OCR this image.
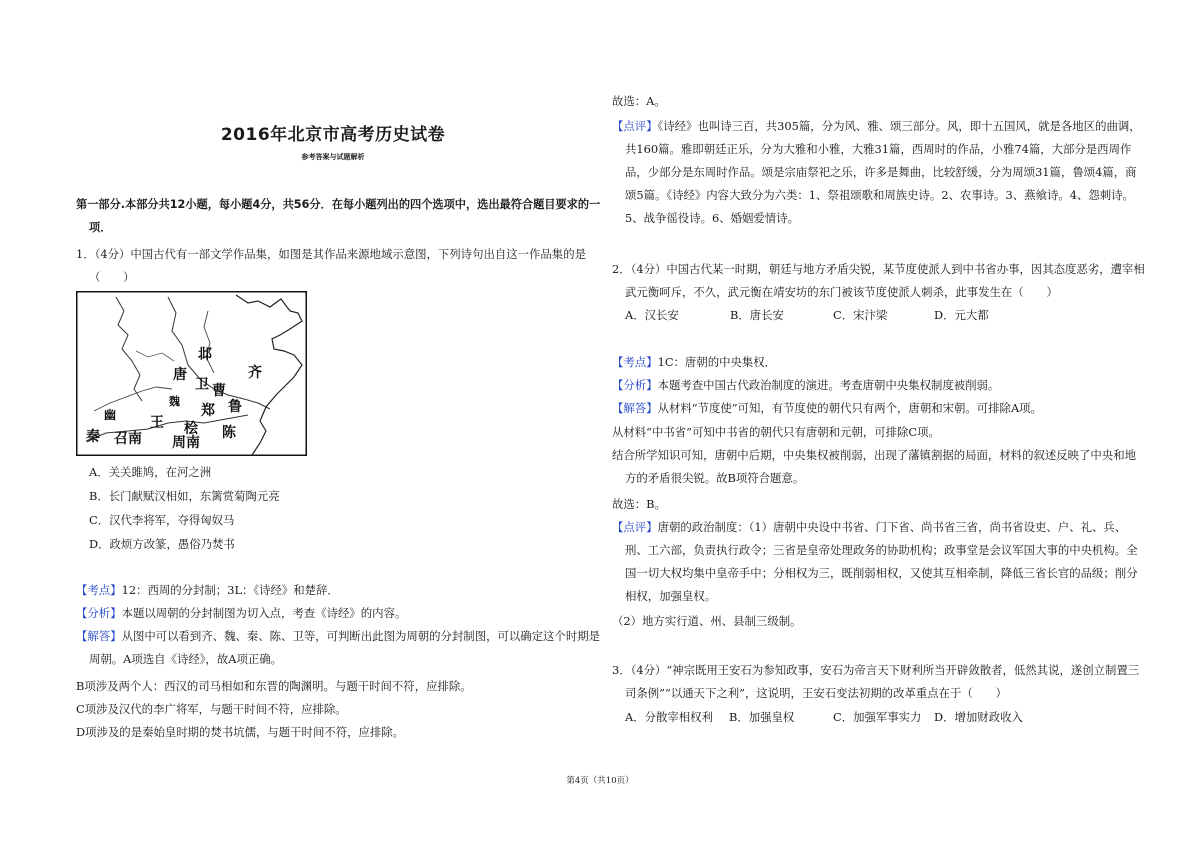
2016年北京市高考历史试卷
参考答案与试题解析

第一部分.本部分共12小题，每小题4分，共56分．在每小题列出的四个选项中，选出最符合题目要求的一项．

1．（4分）中国古代有一部文学作品集，如图是其作品来源地域示意图，下列诗句出自这一作品集的是（　　）

邶
齐
唐
卫 曹
魏
郑 鲁
王
幽
秦 召南 周南
桧 陈
A．关关雎鸠，在河之洲
B．长门献赋汉相如，东篱赏菊陶元亮
C．汉代李将军，夺得匈奴马
D．政烦方改篆，愚俗乃焚书

【考点】12：西周的分封制；3L：《诗经》和楚辞．

【分析】本题以周朝的分封制图为切入点，考查《诗经》的内容。

【解答】从图中可以看到齐、魏、秦、陈、卫等，可判断出此图为周朝的分封制图，可以确定这个时期是周朝。A项选自《诗经》，故A项正确。

B项涉及两个人：西汉的司马相如和东晋的陶渊明。与题干时间不符，应排除。

C项涉及汉代的李广将军，与题干时间不符，应排除。

D项涉及的是秦始皇时期的焚书坑儒，与题干时间不符，应排除。

故选：A。

【点评】《诗经》也叫诗三百，共305篇，分为风、雅、颂三部分。风，即十五国风，就是各地区的曲调，共160篇。雅即朝廷正乐，分为大雅和小雅，大雅31篇，西周时的作品，小雅74篇，大部分是西周作品，少部分是东周时作品。颂是宗庙祭祀之乐，许多是舞曲，比较舒缓，分为周颂31篇，鲁颂4篇，商颂5篇。《诗经》内容大致分为六类：1、祭祖颂歌和周族史诗。2、农事诗。3、燕飨诗。4、怨刺诗。5、战争徭役诗。6、婚姻爱情诗。

2．（4分）中国古代某一时期，朝廷与地方矛盾尖锐，某节度使派人到中书省办事，因其态度恶劣，遭宰相武元衡呵斥，不久，武元衡在靖安坊的东门被该节度使派人刺杀，此事发生在（　　）

A．汉长安	B．唐长安	C．宋汴梁	D．元大都

【考点】1C：唐朝的中央集权．

【分析】本题考查中国古代政治制度的演进。考查唐朝中央集权制度被削弱。

【解答】从材料“节度使”可知，有节度使的朝代只有两个，唐朝和宋朝。可排除A项。

从材料“中书省”可知中书省的朝代只有唐朝和元朝，可排除C项。

结合所学知识可知，唐朝中后期，中央集权被削弱，出现了藩镇割据的局面，材料的叙述反映了中央和地方的矛盾很尖锐。故B项符合题意。

故选：B。

【点评】唐朝的政治制度：（1）唐朝中央设中书省、门下省、尚书省三省，尚书省设吏、户、礼、兵、刑、工六部，负责执行政令；三省是皇帝处理政务的协助机构；政事堂是会议军国大事的中央机构。全国一切大权均集中皇帝手中；分相权为三，既削弱相权，又使其互相牵制，降低三省长官的品级；削分相权，加强皇权。

（2）地方实行道、州、县制三级制。

3．（4分）“神宗既用王安石为参知政事，安石为帝言天下财利所当开辟敛散者，低然其说，遂创立制置三司条例”“以通天下之利”，这说明，王安石变法初期的改革重点在于（　　）

A．分散宰相权利 B．加强皇权	C．加强军事实力 D．增加财政收入
第4页（共10页）
